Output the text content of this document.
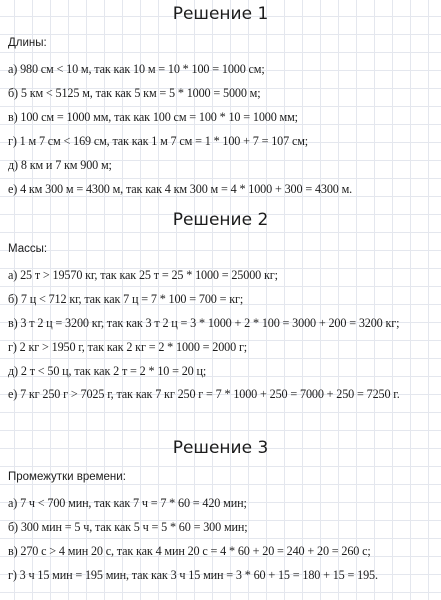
Решение 1
Длины:
а) 980 см < 10 м, так как 10 м = 10 * 100 = 1000 см;
б) 5 км < 5125 м, так как 5 км = 5 * 1000 = 5000 м;
в) 100 см = 1000 мм, так как 100 см = 100 * 10 = 1000 мм;
г) 1 м 7 см < 169 см, так как 1 м 7 см = 1 * 100 + 7 = 107 см;
д) 8 км и 7 км 900 м;
е) 4 км 300 м = 4300 м, так как 4 км 300 м = 4 * 1000 + 300 = 4300 м.
Решение 2
Массы:
а) 25 т > 19570 кг, так как 25 т = 25 * 1000 = 25000 кг;
б) 7 ц < 712 кг, так как 7 ц = 7 * 100 = 700 = кг;
в) 3 т 2 ц = 3200 кг, так как 3 т 2 ц = 3 * 1000 + 2 * 100 = 3000 + 200 = 3200 кг;
г) 2 кг > 1950 г, так как 2 кг = 2 * 1000 = 2000 г;
д) 2 т < 50 ц, так как 2 т = 2 * 10 = 20 ц;
е) 7 кг 250 г > 7025 г, так как 7 кг 250 г = 7 * 1000 + 250 = 7000 + 250 = 7250 г.
Решение 3
Промежутки времени:
а) 7 ч < 700 мин, так как 7 ч = 7 * 60 = 420 мин;
б) 300 мин = 5 ч, так как 5 ч = 5 * 60 = 300 мин;
в) 270 с > 4 мин 20 с, так как 4 мин 20 с = 4 * 60 + 20 = 240 + 20 = 260 с;
г) 3 ч 15 мин = 195 мин, так как 3 ч 15 мин = 3 * 60 + 15 = 180 + 15 = 195.
